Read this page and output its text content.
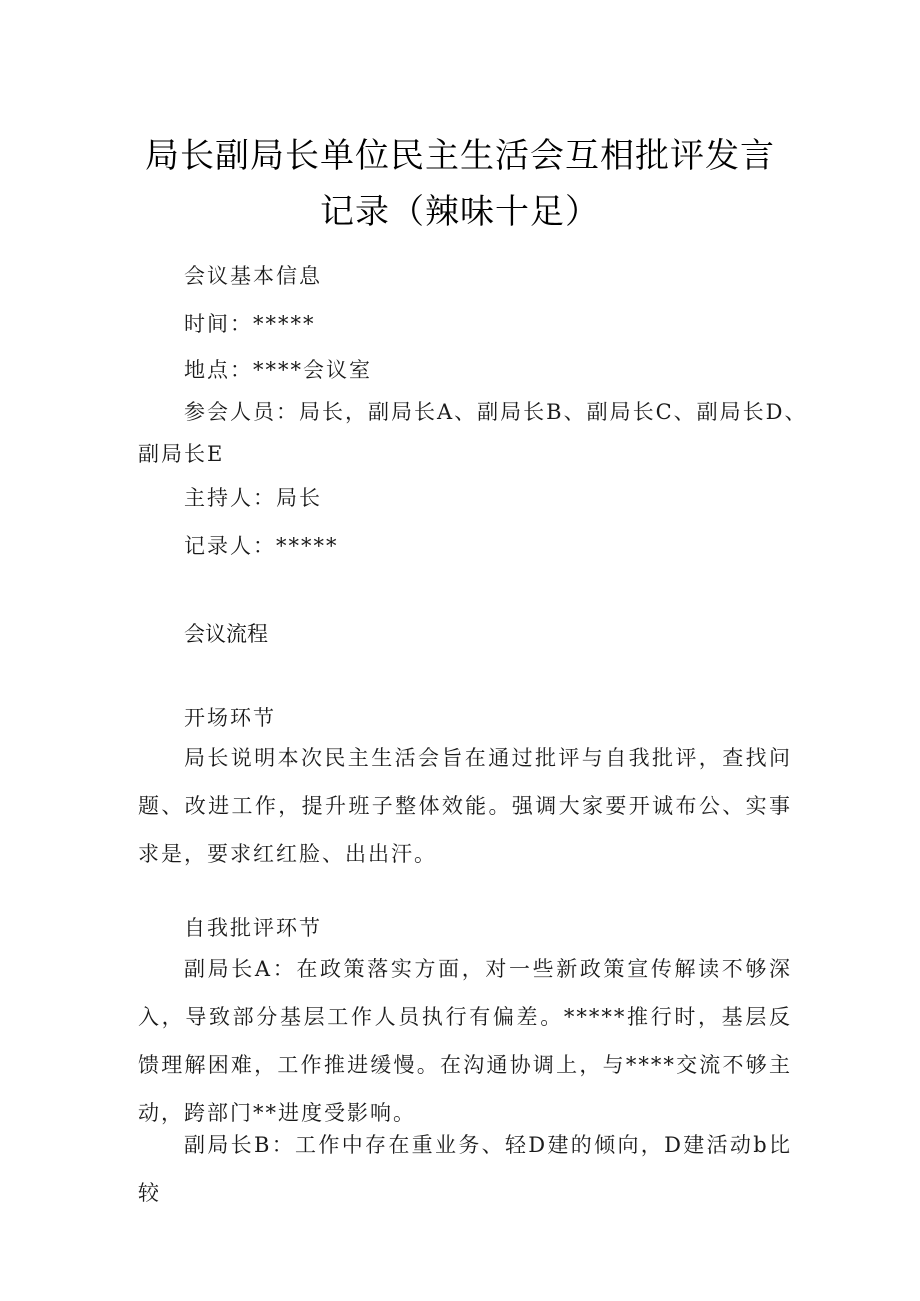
局长副局长单位民主生活会互相批评发言
记录（辣味十足）
会议基本信息
时间：*****
地点：****会议室
参会人员：局长，副局长A、副局长B、副局长C、副局长D、
副局长E
主持人：局长
记录人：*****
会议流程
开场环节
局长说明本次民主生活会旨在通过批评与自我批评，查找问题、改进工作，提升班子整体效能。强调大家要开诚布公、实事求是，要求红红脸、出出汗。
自我批评环节
副局长A：在政策落实方面，对一些新政策宣传解读不够深入，导致部分基层工作人员执行有偏差。*****推行时，基层反馈理解困难，工作推进缓慢。在沟通协调上，与****交流不够主动，跨部门**进度受影响。
副局长B：工作中存在重业务、轻D建的倾向，D建活动b比较
